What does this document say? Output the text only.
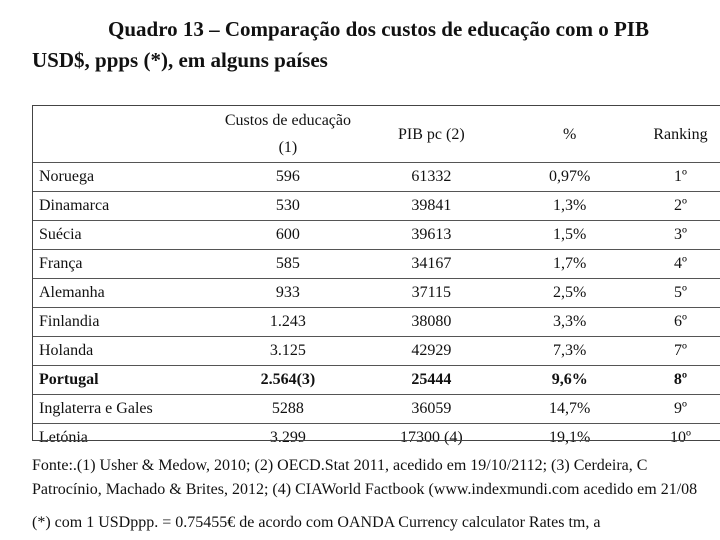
Quadro 13 – Comparação dos custos de educação com o PIB
USD$, ppps (*), em alguns países
	Custos de educação (1)	PIB pc (2)	%	Ranking
Noruega	596	61332	0,97%	1º
Dinamarca	530	39841	1,3%	2º
Suécia	600	39613	1,5%	3º
França	585	34167	1,7%	4º
Alemanha	933	37115	2,5%	5º
Finlandia	1.243	38080	3,3%	6º
Holanda	3.125	42929	7,3%	7º
Portugal	2.564(3)	25444	9,6%	8º
Inglaterra e Gales	5288	36059	14,7%	9º
Letónia	3.299	17300 (4)	19,1%	10º
Fonte:.(1) Usher & Medow, 2010; (2) OECD.Stat 2011, acedido em 19/10/2112; (3) Cerdeira, C
Patrocínio, Machado & Brites, 2012; (4) CIAWorld Factbook (www.indexmundi.com acedido em 21/08
(*) com 1 USDppp. = 0.75455€ de acordo com OANDA Currency calculator Rates tm, a
